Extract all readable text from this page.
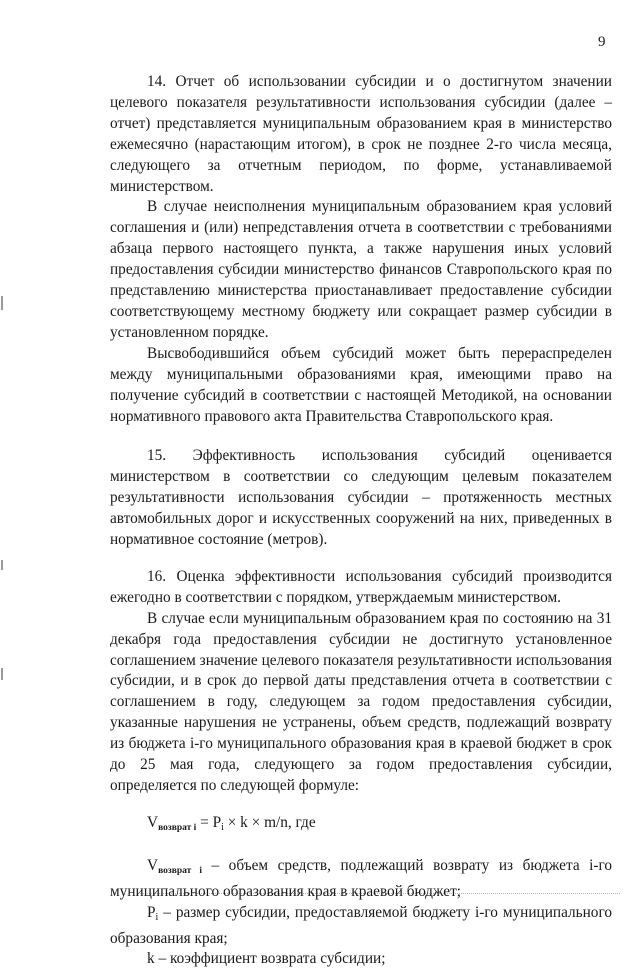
9

14. Отчет об использовании субсидии и о достигнутом значении целевого показателя результативности использования субсидии (далее – отчет) представляется муниципальным образованием края в министерство ежемесячно (нарастающим итогом), в срок не позднее 2-го числа месяца, следующего за отчетным периодом, по форме, устанавливаемой министерством.

В случае неисполнения муниципальным образованием края условий соглашения и (или) непредставления отчета в соответствии с требованиями абзаца первого настоящего пункта, а также нарушения иных условий предоставления субсидии министерство финансов Ставропольского края по представлению министерства приостанавливает предоставление субсидии соответствующему местному бюджету или сокращает размер субсидии в установленном порядке.

Высвободившийся объем субсидий может быть перераспределен между муниципальными образованиями края, имеющими право на получение субсидий в соответствии с настоящей Методикой, на основании нормативного правового акта Правительства Ставропольского края.

15. Эффективность использования субсидий оценивается министерством в соответствии со следующим целевым показателем результативности использования субсидии – протяженность местных автомобильных дорог и искусственных сооружений на них, приведенных в нормативное состояние (метров).

16. Оценка эффективности использования субсидий производится ежегодно в соответствии с порядком, утверждаемым министерством.

В случае если муниципальным образованием края по состоянию на 31 декабря года предоставления субсидии не достигнуто установленное соглашением значение целевого показателя результативности использования субсидии, и в срок до первой даты представления отчета в соответствии с соглашением в году, следующем за годом предоставления субсидии, указанные нарушения не устранены, объем средств, подлежащий возврату из бюджета i-го муниципального образования края в краевой бюджет в срок до 25 мая года, следующего за годом предоставления субсидии, определяется по следующей формуле:

$V_{возврат i} = Pi \times k \times m/n$, где

$V_{возврат i}$ – объем средств, подлежащий возврату из бюджета i-го муниципального образования края в краевой бюджет;

Pi – размер субсидии, предоставляемой бюджету i-го муниципального образования края;

k – коэффициент возврата субсидии;
